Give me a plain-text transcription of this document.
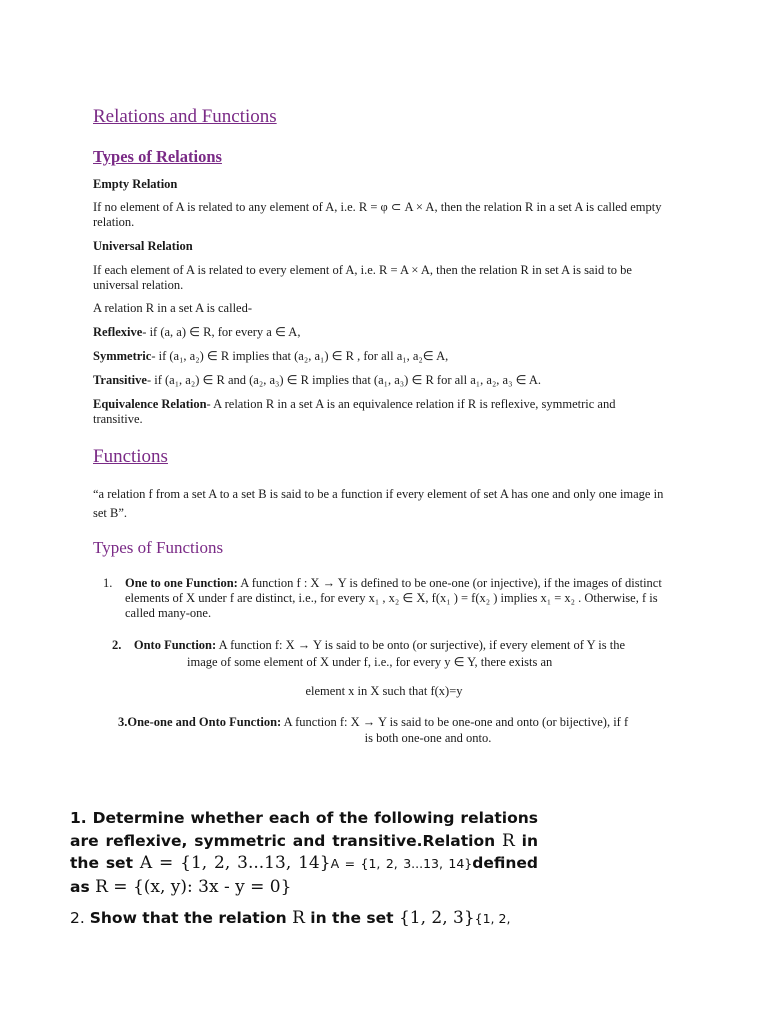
Relations and Functions
Types of Relations

Empty Relation

If no element of A is related to any element of A, i.e. R = φ ⊂ A × A, then the relation R in a set A is called empty relation.

Universal Relation

If each element of A is related to every element of A, i.e. R = A × A, then the relation R in set A is said to be universal relation.

A relation R in a set A is called-

Reflexive- if (a, a) ∈ R, for every a ∈ A,

Symmetric- if (a₁, a₂) ∈ R implies that (a₂, a₁) ∈ R , for all a₁, a₂∈ A,

Transitive- if (a₁, a₂) ∈ R and (a₂, a₃) ∈ R implies that (a₁, a₃) ∈ R for all a₁, a₂, a₃ ∈ A.

Equivalence Relation- A relation R in a set A is an equivalence relation if R is reflexive, symmetric and transitive.

Functions

“a relation f from a set A to a set B is said to be a function if every element of set A has one and only one image in set B”.

Types of Functions
1. One to one Function: A function f : X → Y is defined to be one-one (or injective), if the images of distinct elements of X under f are distinct, i.e., for every x₁ , x₂ ∈ X, f(x₁ ) = f(x₂ ) implies x₁ = x₂ . Otherwise, f is called many-one.
2. Onto Function: A function f: X → Y is said to be onto (or surjective), if every element of Y is the
image of some element of X under f, i.e., for every y ∈ Y, there exists an

element x in X such that f(x)=y

3.One-one and Onto Function: A function f: X → Y is said to be one-one and onto (or bijective), if f
is both one-one and onto.

1. Determine whether each of the following relations are reflexive, symmetric and transitive.Relation R in the set A = {1, 2, 3...13, 14}A = {1, 2, 3...13, 14}defined as R = {(x, y): 3x - y = 0}

2. Show that the relation R in the set {1, 2, 3}{1, 2,
